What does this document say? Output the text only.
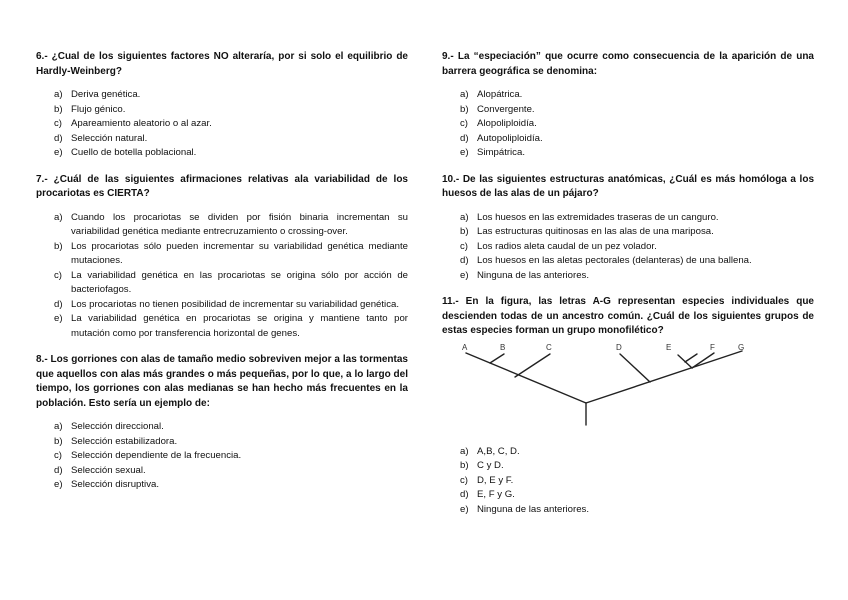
6.- ¿Cual de los siguientes factores NO alteraría, por si solo el equilibrio de Hardly-Weinberg?

a) Deriva genética.
b) Flujo génico.
c) Apareamiento aleatorio o al azar.
d) Selección natural.
e) Cuello de botella poblacional.

7.- ¿Cuál de las siguientes afirmaciones relativas ala variabilidad de los procariotas es CIERTA?

a) Cuando los procariotas se dividen por fisión binaria incrementan su variabilidad genética mediante entrecruzamiento o crossing-over.
b) Los procariotas sólo pueden incrementar su variabilidad genética mediante mutaciones.
c) La variabilidad genética en las procariotas se origina sólo por acción de bacteriofagos.
d) Los procariotas no tienen posibilidad de incrementar su variabilidad genética.
e) La variabilidad genética en procariotas se origina y mantiene tanto por mutación como por transferencia horizontal de genes.

8.- Los gorriones con alas de tamaño medio sobreviven mejor a las tormentas que aquellos con alas más grandes o más pequeñas, por lo que, a lo largo del tiempo, los gorriones con alas medianas se han hecho más frecuentes en la población. Esto sería un ejemplo de:

a) Selección direccional.
b) Selección estabilizadora.
c) Selección dependiente de la frecuencia.
d) Selección sexual.
e) Selección disruptiva.

9.- La “especiación” que ocurre como consecuencia de la aparición de una barrera geográfica se denomina:

a) Alopátrica.
b) Convergente.
c) Alopoliploidía.
d) Autopoliploidía.
e) Simpátrica.

10.- De las siguientes estructuras anatómicas, ¿Cuál es más homóloga a los huesos de las alas de un pájaro?

a) Los huesos en las extremidades traseras de un canguro.
b) Las estructuras quitinosas en las alas de una mariposa.
c) Los radios aleta caudal de un pez volador.
d) Los huesos en las aletas pectorales (delanteras) de una ballena.
e) Ninguna de las anteriores.

11.- En la figura, las letras A-G representan especies individuales que descienden todas de un ancestro común. ¿Cuál de los siguientes grupos de estas especies forman un grupo monofilético?

A	B	C	D	E	F	G
a) A,B, C, D.
b) C y D.
c) D, E y F.
d) E, F y G.
e) Ninguna de las anteriores.
